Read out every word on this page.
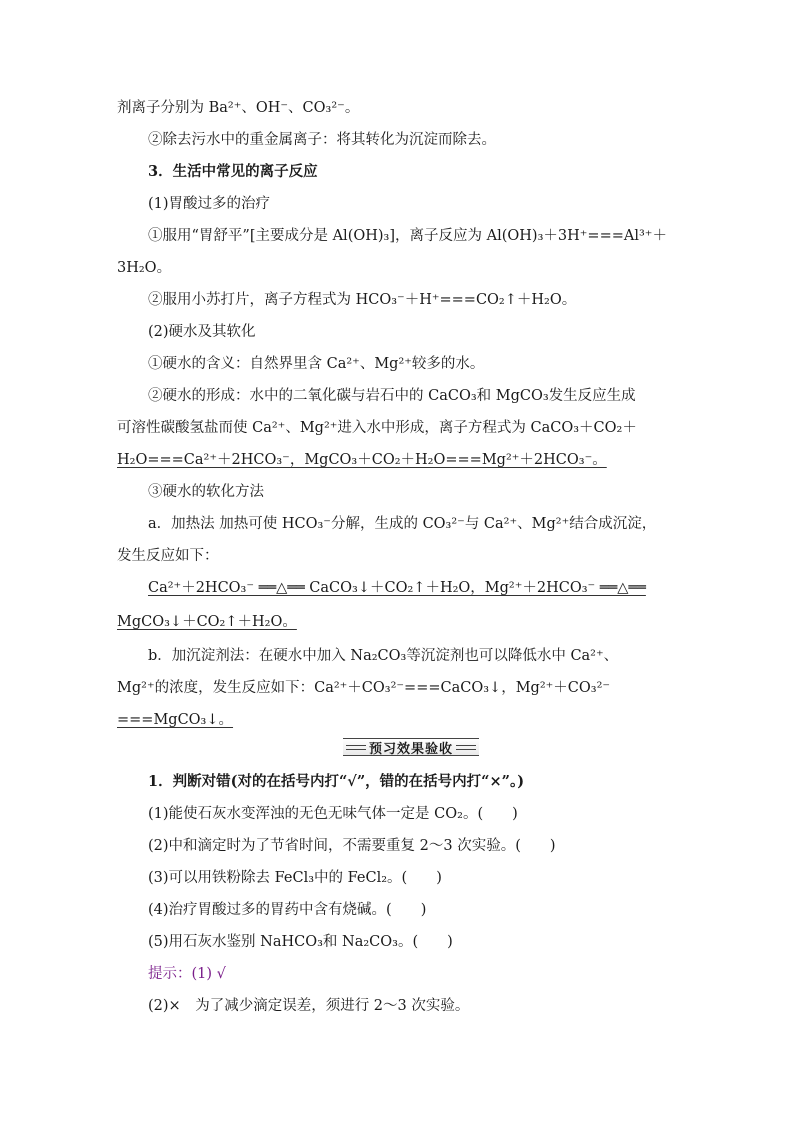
剂离子分别为 Ba²⁺、OH⁻、CO₃²⁻。
②除去污水中的重金属离子：将其转化为沉淀而除去。
3．生活中常见的离子反应
(1)胃酸过多的治疗
①服用“胃舒平”[主要成分是 Al(OH)₃]，离子反应为 Al(OH)₃＋3H⁺===Al³⁺＋
3H₂O。
②服用小苏打片，离子方程式为 HCO₃⁻＋H⁺===CO₂↑＋H₂O。
(2)硬水及其软化
①硬水的含义：自然界里含 Ca²⁺、Mg²⁺较多的水。
②硬水的形成：水中的二氧化碳与岩石中的 CaCO₃和 MgCO₃发生反应生成
可溶性碳酸氢盐而使 Ca²⁺、Mg²⁺进入水中形成，离子方程式为 CaCO₃＋CO₂＋
H₂O===Ca²⁺＋2HCO₃⁻，MgCO₃＋CO₂＋H₂O===Mg²⁺＋2HCO₃⁻。
③硬水的软化方法
a．加热法 加热可使 HCO₃⁻分解，生成的 CO₃²⁻与 Ca²⁺、Mg²⁺结合成沉淀，
发生反应如下：
Ca²⁺＋2HCO₃⁻ ══△══ CaCO₃↓＋CO₂↑＋H₂O，Mg²⁺＋2HCO₃⁻ ══△══
MgCO₃↓＋CO₂↑＋H₂O。
b．加沉淀剂法：在硬水中加入 Na₂CO₃等沉淀剂也可以降低水中 Ca²⁺、
Mg²⁺的浓度，发生反应如下：Ca²⁺＋CO₃²⁻===CaCO₃↓，Mg²⁺＋CO₃²⁻
===MgCO₃↓。
预习效果验收
1．判断对错(对的在括号内打“√”，错的在括号内打“×”。)
(1)能使石灰水变浑浊的无色无味气体一定是 CO₂。(　　)
(2)中和滴定时为了节省时间，不需要重复 2～3 次实验。(　　)
(3)可以用铁粉除去 FeCl₃中的 FeCl₂。(　　)
(4)治疗胃酸过多的胃药中含有烧碱。(　　)
(5)用石灰水鉴别 NaHCO₃和 Na₂CO₃。(　　)
提示：(1) √
(2)×　为了减少滴定误差，须进行 2～3 次实验。
